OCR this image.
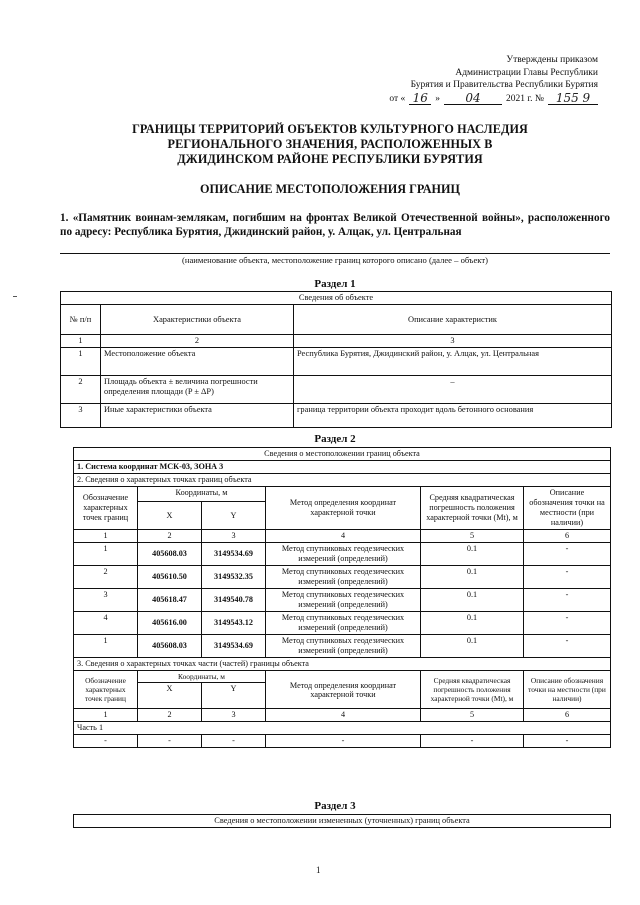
Утверждены приказом
Администрации Главы Республики
Бурятия и Правительства Республики Бурятия
от « 16 »	04	2021 г. № 155 9
ГРАНИЦЫ ТЕРРИТОРИЙ ОБЪЕКТОВ КУЛЬТУРНОГО НАСЛЕДИЯ
РЕГИОНАЛЬНОГО ЗНАЧЕНИЯ, РАСПОЛОЖЕННЫХ В
ДЖИДИНСКОМ РАЙОНЕ РЕСПУБЛИКИ БУРЯТИЯ
ОПИСАНИЕ МЕСТОПОЛОЖЕНИЯ ГРАНИЦ
1. «Памятник воинам-землякам, погибшим на фронтах Великой Отечественной войны», расположенного по адресу: Республика Бурятия, Джидинский район, у. Алцак, ул. Центральная
(наименование объекта, местоположение границ которого описано (далее – объект)
Раздел 1
Сведения об объекте		
№ п/п	Характеристики объекта	Описание характеристик
1	2	3
1	Местоположение объекта	Республика Бурятия, Джидинский район, у. Алцак, ул. Центральная
2	Площадь объекта ± величина погрешности определения площади (P ± ΔP)	–
3	Иные характеристики объекта	граница территории объекта проходит вдоль бетонного основания
Раздел 2
Сведения о местоположении границ объекта					
1. Система координат МСК-03, ЗОНА 3					
2. Сведения о характерных точках границ объекта					
Обозначение характерных точек границ	Координаты, м		Метод определения координат характерной точки	Средняя квадратическая погрешность положения характерной точки (Mt), м	Описание обозначения точки на местности (при наличии)
	X	Y			
1	2	3	4	5	6
1	405608.03	3149534.69	Метод спутниковых геодезических измерений (определений)	0.1	-
2	405610.50	3149532.35	Метод спутниковых геодезических измерений (определений)	0.1	-
3	405618.47	3149540.78	Метод спутниковых геодезических измерений (определений)	0.1	-
4	405616.00	3149543.12	Метод спутниковых геодезических измерений (определений)	0.1	-
1	405608.03	3149534.69	Метод спутниковых геодезических измерений (определений)	0.1	-
3. Сведения о характерных точках части (частей) границы объекта					
Обозначение характерных точек границ	Координаты, м		Метод определения координат характерной точки	Средняя квадратическая погрешность положения характерной точки (Mt), м	Описание обозначения точки на местности (при наличии)
	X	Y			
1	2	3	4	5	6
Часть 1					
-	-	-	-	-	-
Раздел 3
Сведения о местоположении измененных (уточненных) границ объекта
1
